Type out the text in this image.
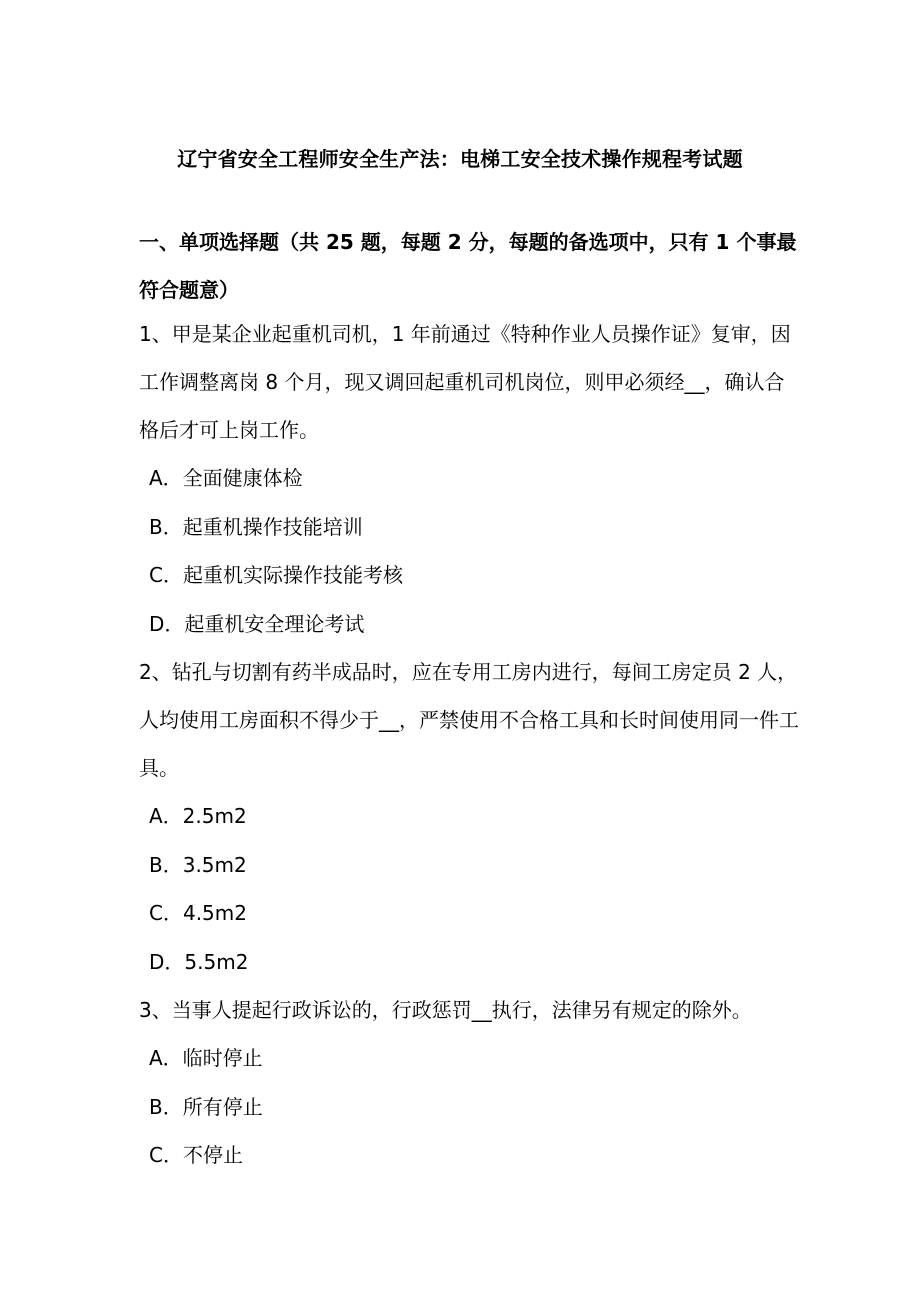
辽宁省安全工程师安全生产法：电梯工安全技术操作规程考试题
一、单项选择题（共 25 题，每题 2 分，每题的备选项中，只有 1 个事最符合题意）

1、甲是某企业起重机司机，1 年前通过《特种作业人员操作证》复审，因工作调整离岗 8 个月，现又调回起重机司机岗位，则甲必须经__，确认合格后才可上岗工作。

A．全面健康体检

B．起重机操作技能培训

C．起重机实际操作技能考核

D．起重机安全理论考试

2、钻孔与切割有药半成品时，应在专用工房内进行，每间工房定员 2 人，人均使用工房面积不得少于__，严禁使用不合格工具和长时间使用同一件工具。

A．2.5m2

B．3.5m2

C．4.5m2

D．5.5m2

3、当事人提起行政诉讼的，行政惩罚__执行，法律另有规定的除外。

A．临时停止

B．所有停止

C．不停止
